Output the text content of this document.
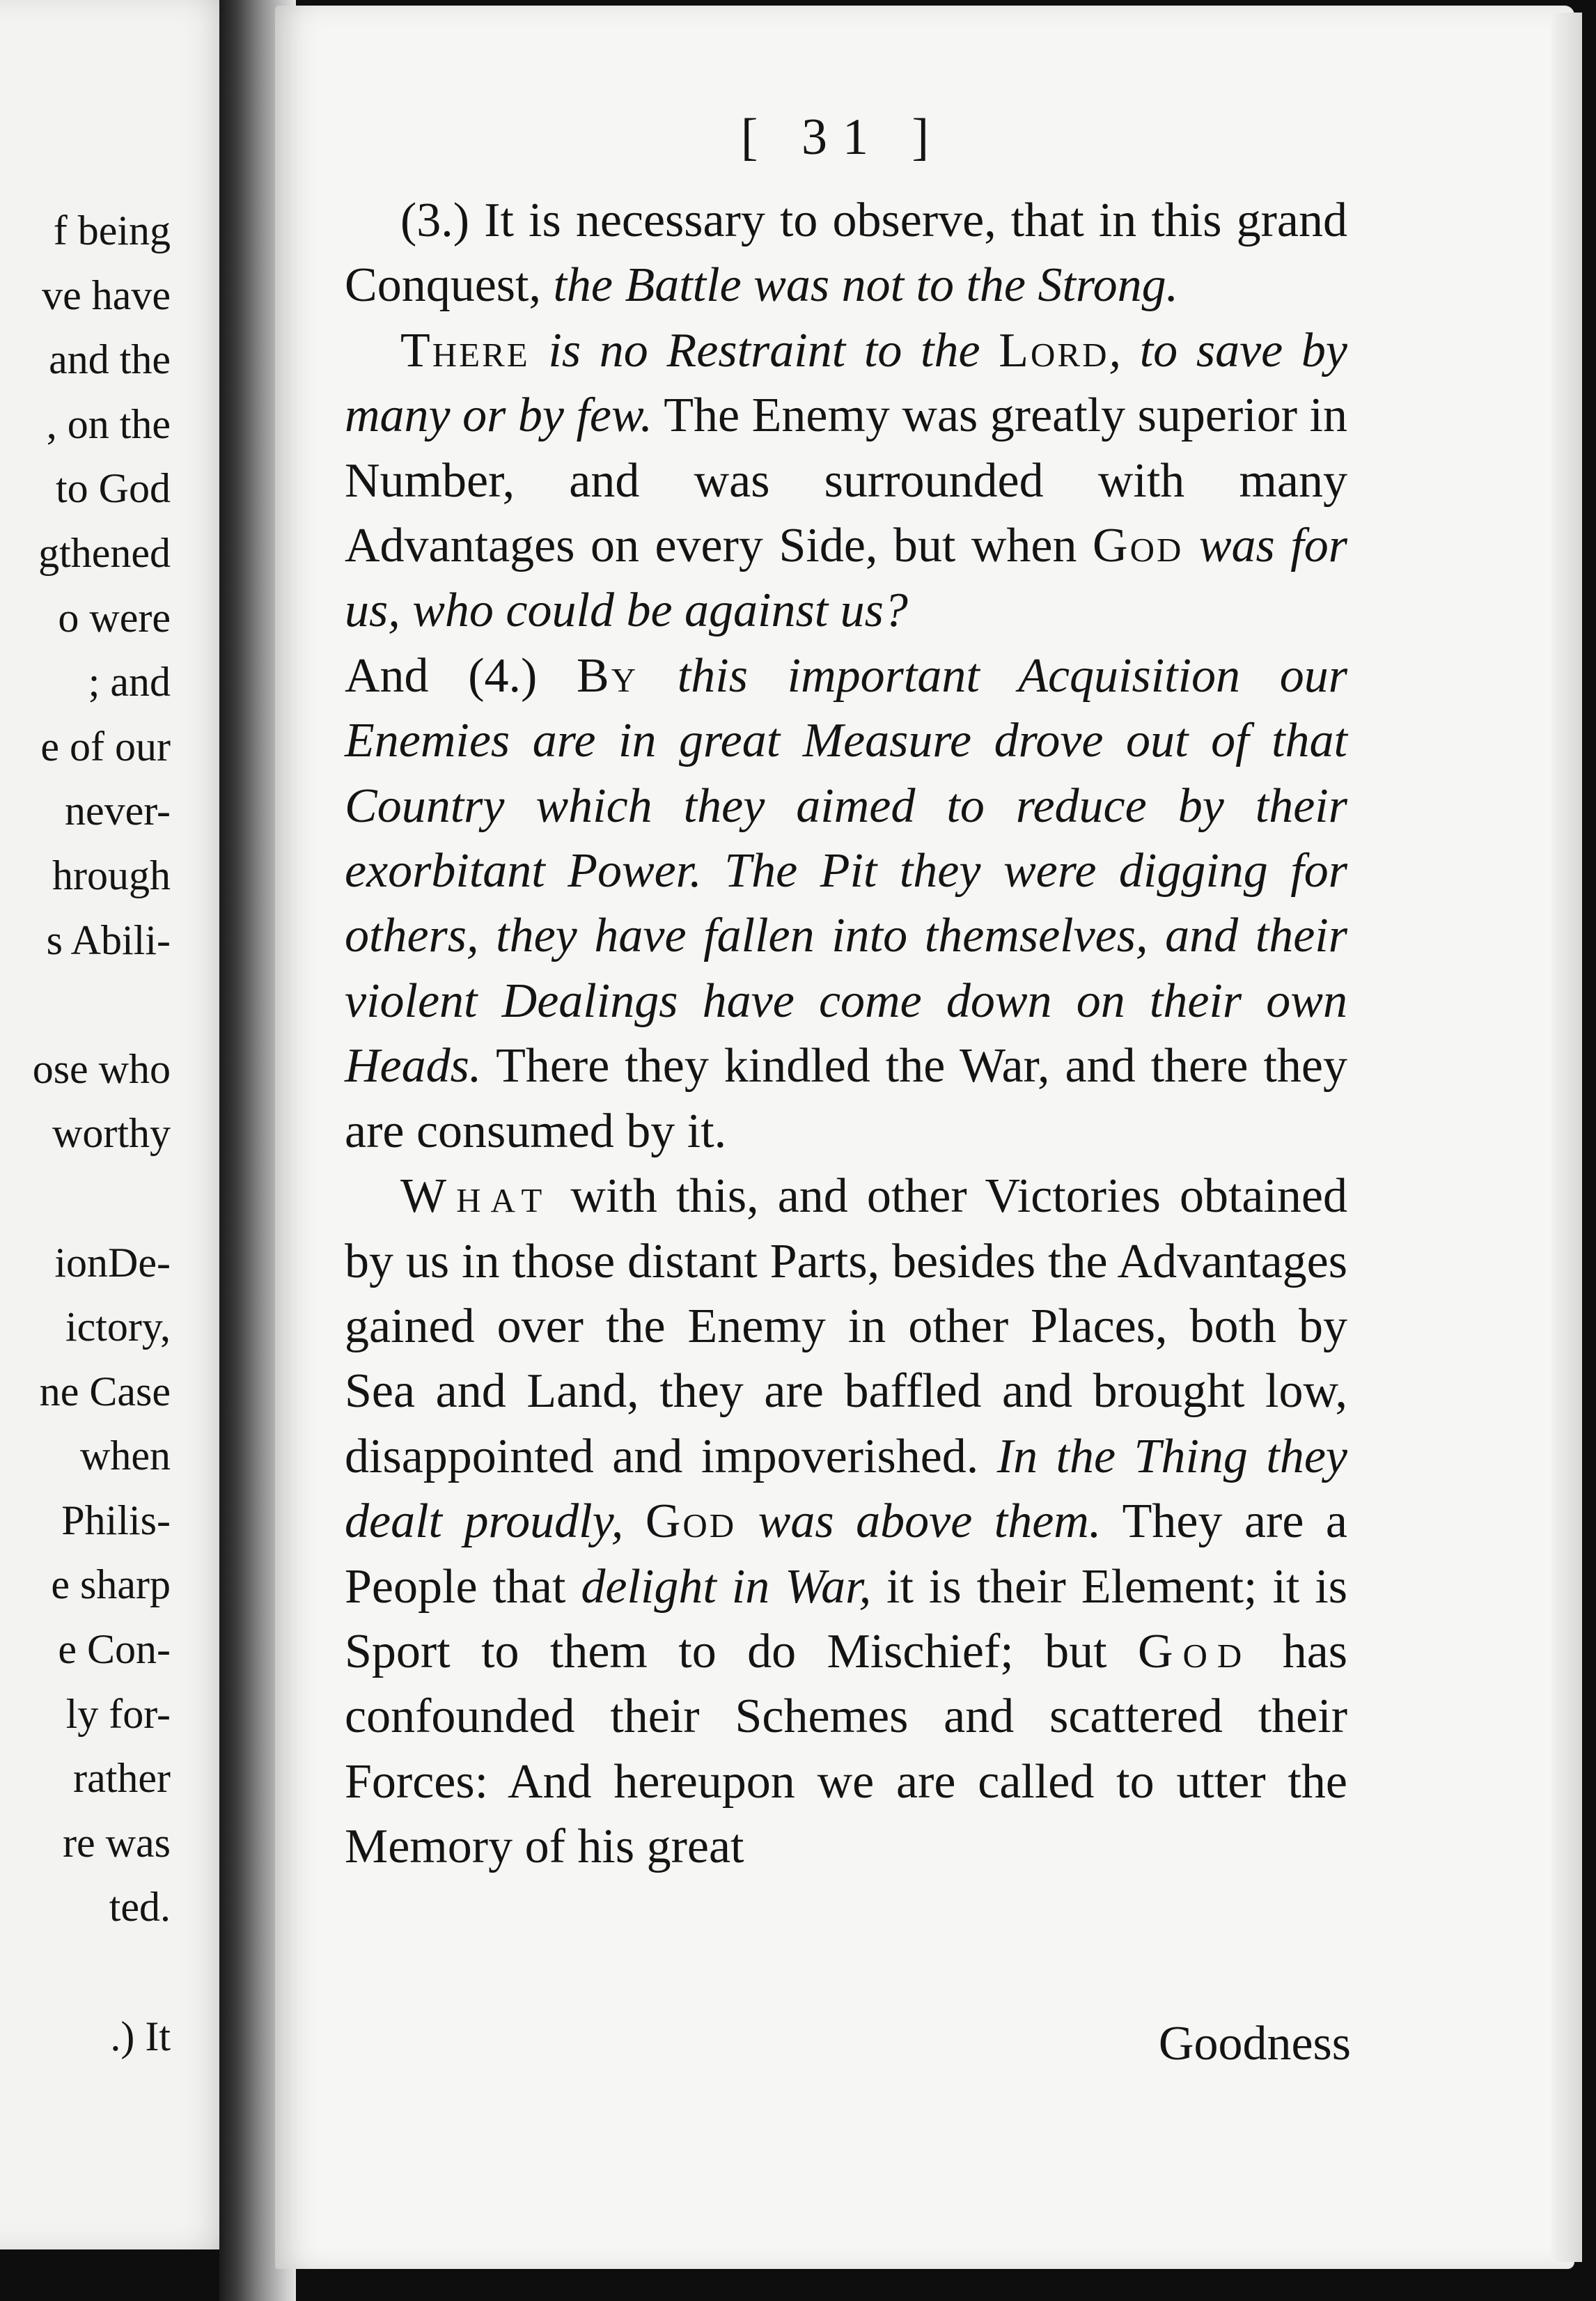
f being
ve have
and the
, on the
to God
gthened
o were
; and
e of our
never-
hrough
s Abili-
ose who
worthy
ionDe-
ictory,
ne Case
when
Philis-
e sharp
e Con-
ly for-
rather
re was
ted.
.) It
[ 31 ]

(3.) It is necessary to observe, that in this grand Conquest, the Battle was not to the Strong.

There is no Restraint to the Lord, to save by many or by few. The Enemy was greatly superior in Number, and was surrounded with many Advantages on every Side, but when God was for us, who could be against us?

And (4.) By this important Acquisition our Enemies are in great Measure drove out of that Country which they aimed to reduce by their exorbitant Power. The Pit they were digging for others, they have fallen into themselves, and their violent Dealings have come down on their own Heads. There they kindled the War, and there they are consumed by it.

What with this, and other Victories obtained by us in those distant Parts, besides the Advantages gained over the Enemy in other Places, both by Sea and Land, they are baffled and brought low, disappointed and impoverished. In the Thing they dealt proudly, God was above them. They are a People that delight in War, it is their Element; it is Sport to them to do Mischief; but God has confounded their Schemes and scattered their Forces: And hereupon we are called to utter the Memory of his great

Goodness
